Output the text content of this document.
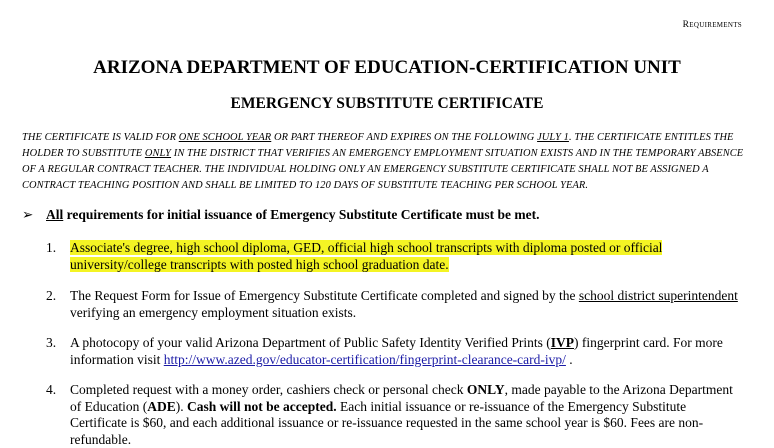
Requirements
ARIZONA DEPARTMENT OF EDUCATION-CERTIFICATION UNIT
EMERGENCY SUBSTITUTE CERTIFICATE
THE CERTIFICATE IS VALID FOR ONE SCHOOL YEAR OR PART THEREOF AND EXPIRES ON THE FOLLOWING JULY 1. THE CERTIFICATE ENTITLES THE HOLDER TO SUBSTITUTE ONLY IN THE DISTRICT THAT VERIFIES AN EMERGENCY EMPLOYMENT SITUATION EXISTS AND IN THE TEMPORARY ABSENCE OF A REGULAR CONTRACT TEACHER. THE INDIVIDUAL HOLDING ONLY AN EMERGENCY SUBSTITUTE CERTIFICATE SHALL NOT BE ASSIGNED A CONTRACT TEACHING POSITION AND SHALL BE LIMITED TO 120 DAYS OF SUBSTITUTE TEACHING PER SCHOOL YEAR.
➢ All requirements for initial issuance of Emergency Substitute Certificate must be met.
1.	Associate's degree, high school diploma, GED, official high school transcripts with diploma posted or official university/college transcripts with posted high school graduation date.
2.	The Request Form for Issue of Emergency Substitute Certificate completed and signed by the school district superintendent verifying an emergency employment situation exists.
3.	A photocopy of your valid Arizona Department of Public Safety Identity Verified Prints (IVP) fingerprint card. For more information visit http://www.azed.gov/educator-certification/fingerprint-clearance-card-ivp/ .
4.	Completed request with a money order, cashiers check or personal check ONLY, made payable to the Arizona Department of Education (ADE). Cash will not be accepted. Each initial issuance or re-issuance of the Emergency Substitute Certificate is $60, and each additional issuance or re-issuance requested in the same school year is $60. Fees are non-refundable.
